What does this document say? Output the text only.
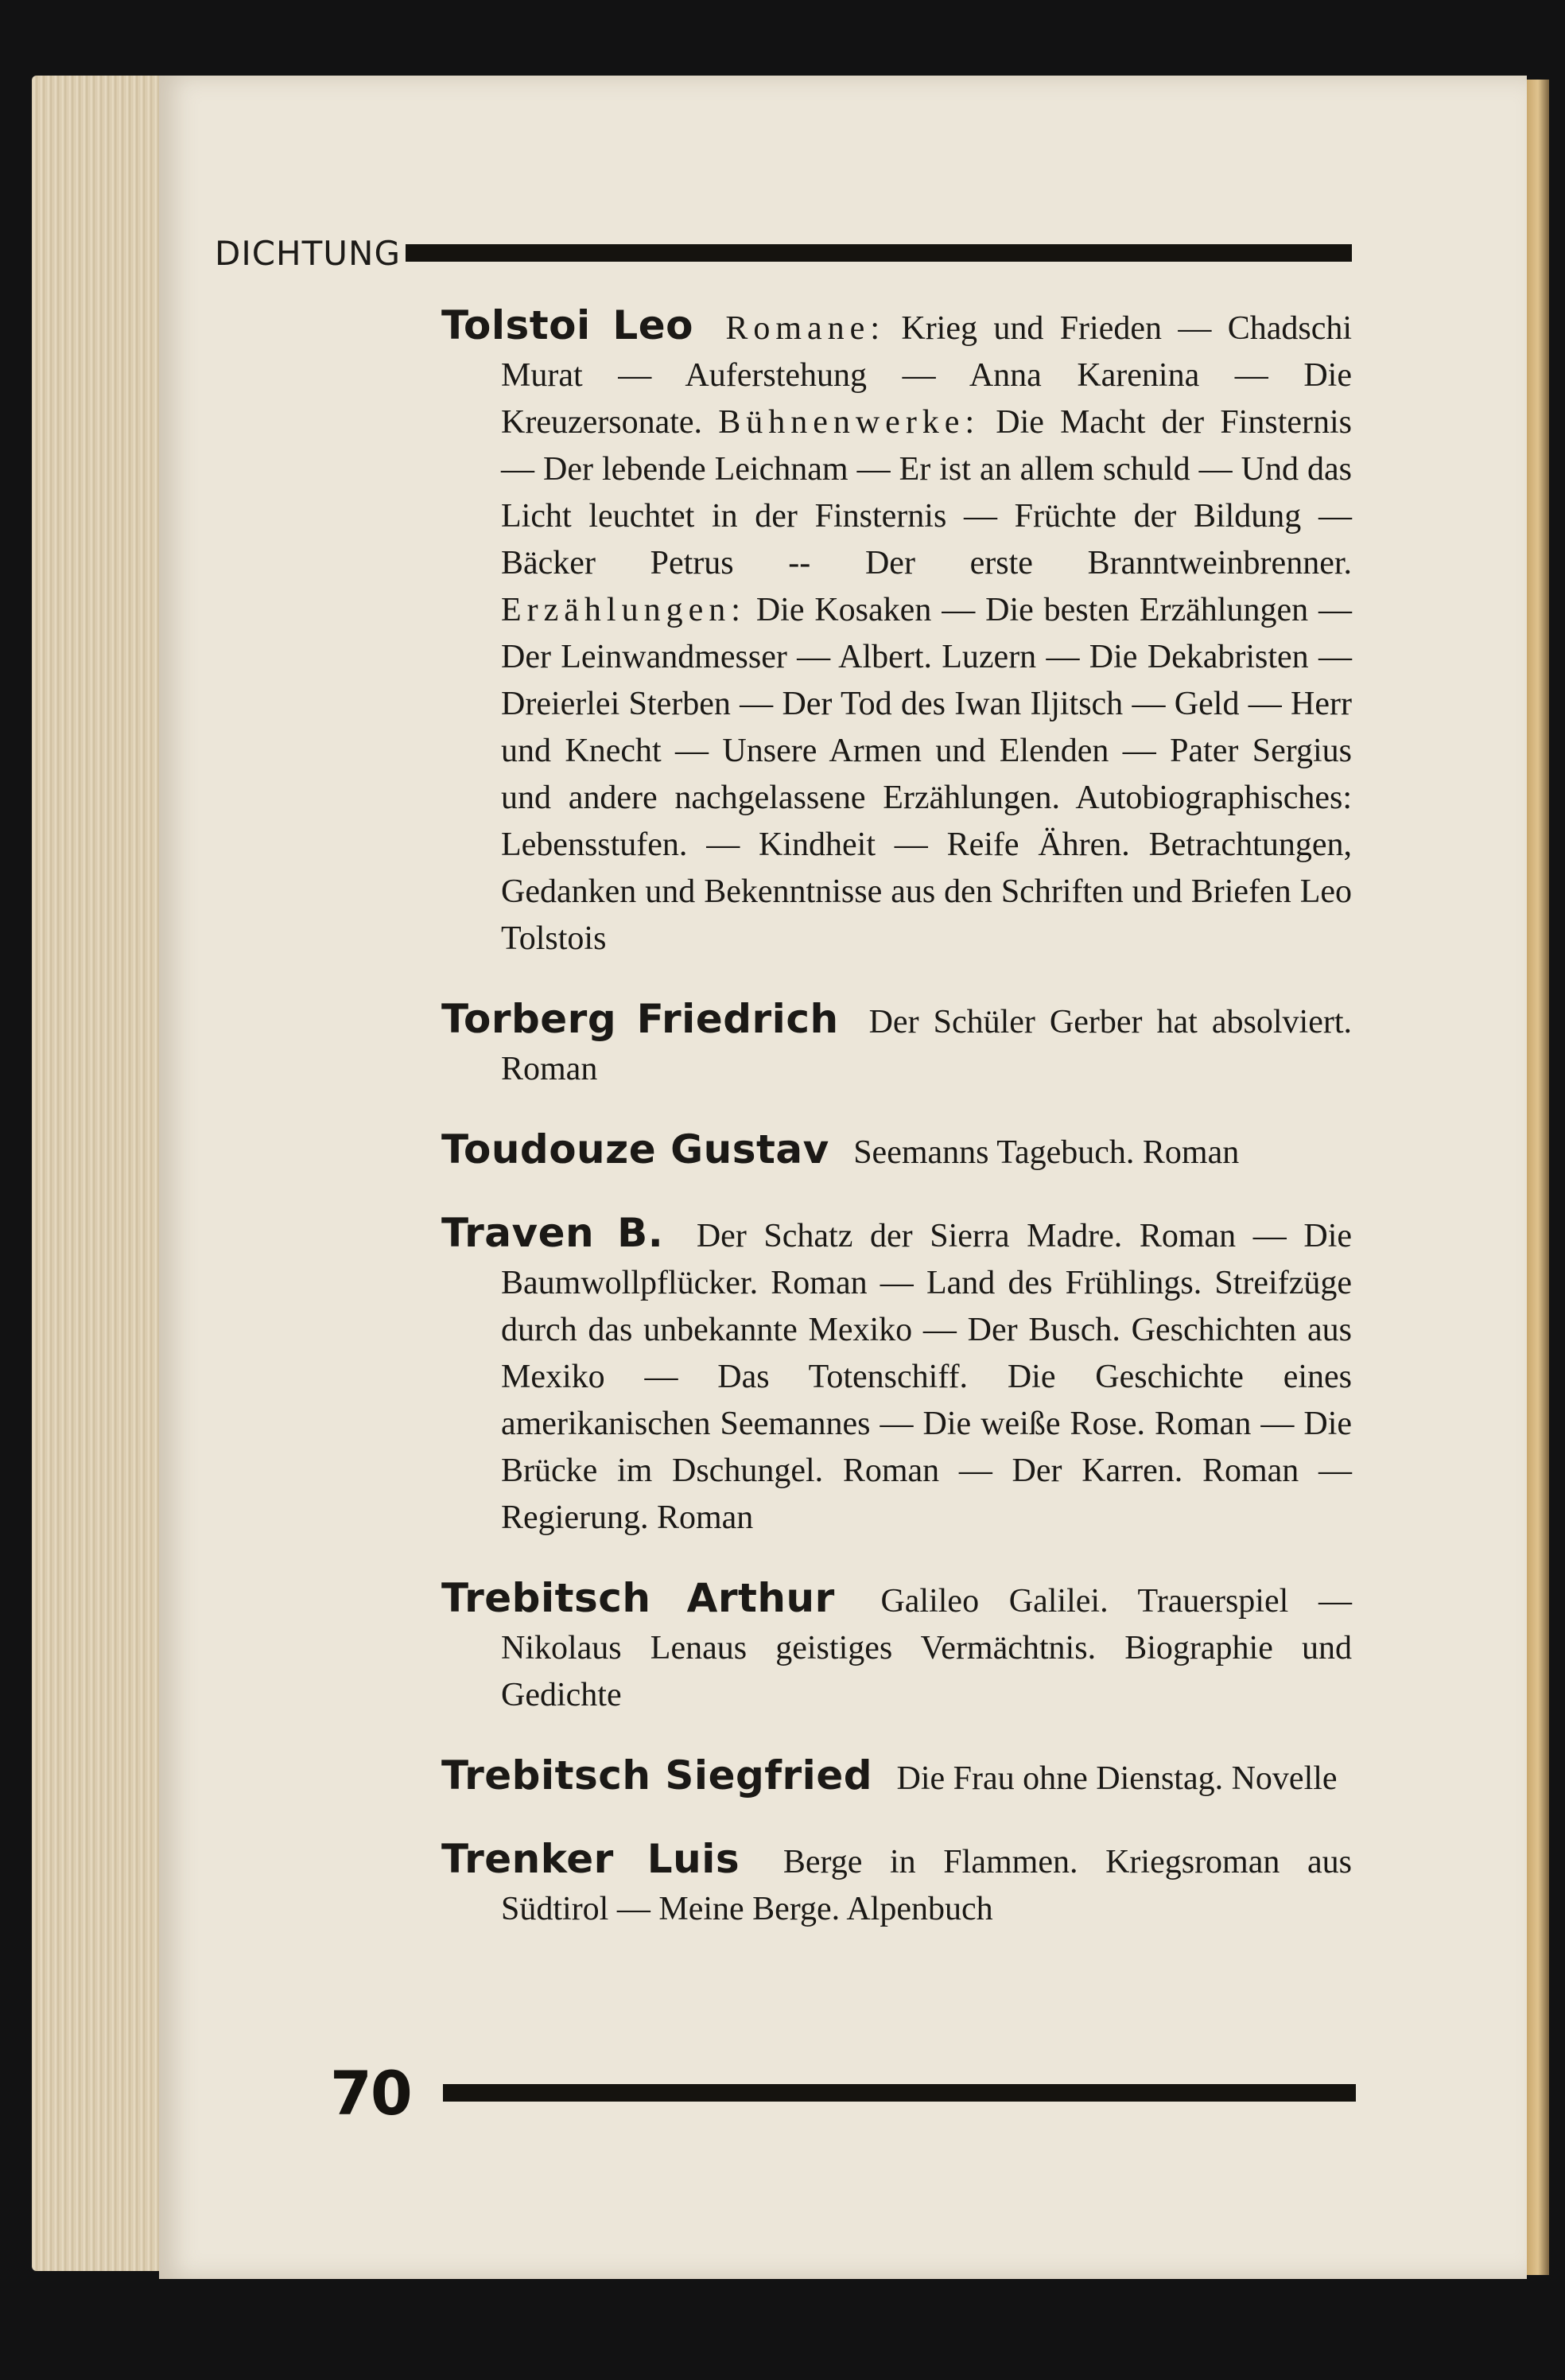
DICHTUNG

Tolstoi Leo Romane: Krieg und Frieden — Chadschi Murat — Auferstehung — Anna Karenina — Die Kreuzersonate. Bühnenwerke: Die Macht der Finsternis — Der lebende Leichnam — Er ist an allem schuld — Und das Licht leuchtet in der Finsternis — Früchte der Bildung — Bäcker Petrus -- Der erste Branntweinbrenner. Erzählungen: Die Kosaken — Die besten Erzählungen — Der Leinwandmesser — Albert. Luzern — Die Dekabristen — Dreierlei Sterben — Der Tod des Iwan Iljitsch — Geld — Herr und Knecht — Unsere Armen und Elenden — Pater Sergius und andere nachgelassene Erzählungen. Autobiographisches: Lebensstufen. — Kindheit — Reife Ähren. Betrachtungen, Gedanken und Bekenntnisse aus den Schriften und Briefen Leo Tolstois

Torberg Friedrich Der Schüler Gerber hat absolviert. Roman

Toudouze Gustav Seemanns Tagebuch. Roman

Traven B. Der Schatz der Sierra Madre. Roman — Die Baumwollpflücker. Roman — Land des Frühlings. Streifzüge durch das unbekannte Mexiko — Der Busch. Geschichten aus Mexiko — Das Totenschiff. Die Geschichte eines amerikanischen Seemannes — Die weiße Rose. Roman — Die Brücke im Dschungel. Roman — Der Karren. Roman — Regierung. Roman

Trebitsch Arthur Galileo Galilei. Trauerspiel — Nikolaus Lenaus geistiges Vermächtnis. Biographie und Gedichte

Trebitsch Siegfried Die Frau ohne Dienstag. Novelle

Trenker Luis Berge in Flammen. Kriegsroman aus Südtirol — Meine Berge. Alpenbuch

70
